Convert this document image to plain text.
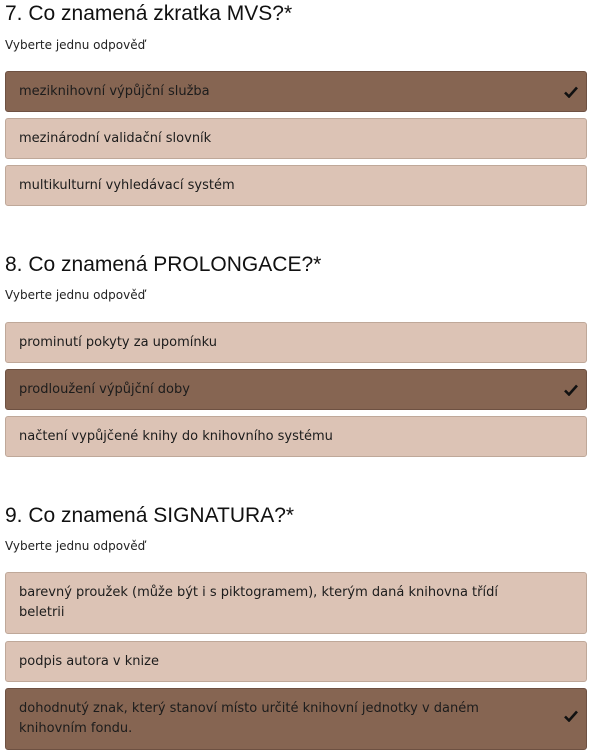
7. Co znamená zkratka MVS?*
Vyberte jednu odpověď
meziknihovní výpůjční služba
mezinárodní validační slovník
multikulturní vyhledávací systém
8. Co znamená PROLONGACE?*
Vyberte jednu odpověď
prominutí pokyty za upomínku
prodloužení výpůjční doby
načtení vypůjčené knihy do knihovního systému
9. Co znamená SIGNATURA?*
Vyberte jednu odpověď
barevný proužek (může být i s piktogramem), kterým daná knihovna třídí beletrii
podpis autora v knize
dohodnutý znak, který stanoví místo určité knihovní jednotky v daném knihovním fondu.
